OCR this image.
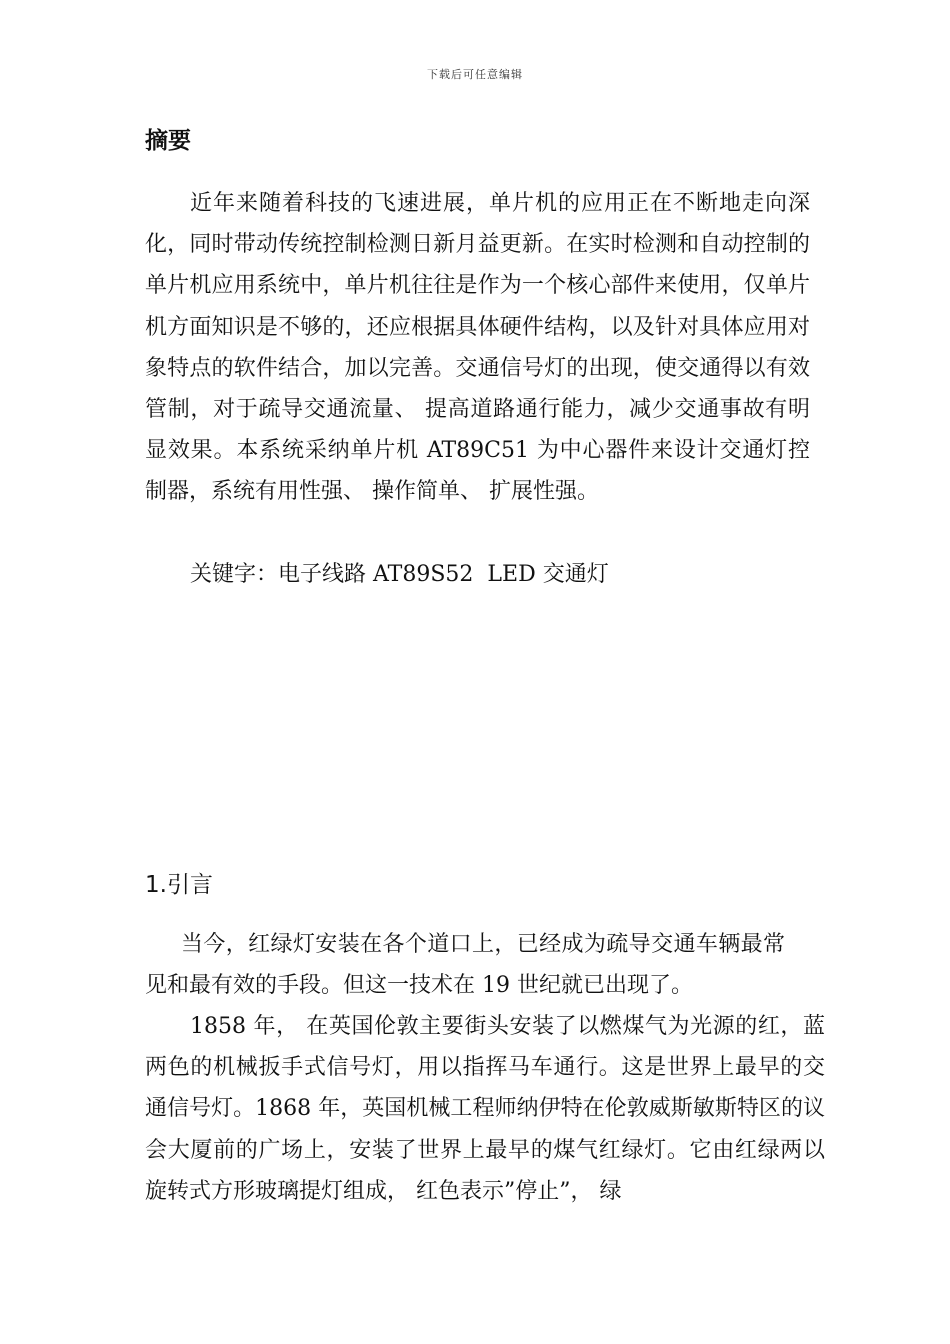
下载后可任意编辑
摘要

近年来随着科技的飞速进展，单片机的应用正在不断地走向深化，同时带动传统控制检测日新月益更新。在实时检测和自动控制的单片机应用系统中，单片机往往是作为一个核心部件来使用，仅单片机方面知识是不够的，还应根据具体硬件结构，以及针对具体应用对象特点的软件结合，加以完善。交通信号灯的出现，使交通得以有效管制，对于疏导交通流量、 提高道路通行能力，减少交通事故有明显效果。本系统采纳单片机 AT89C51 为中心器件来设计交通灯控制器，系统有用性强、 操作简单、 扩展性强。

关键字：电子线路 AT89S52  LED 交通灯
1.引言

当今，红绿灯安装在各个道口上，已经成为疏导交通车辆最常见和最有效的手段。但这一技术在 19 世纪就已出现了。

1858 年， 在英国伦敦主要街头安装了以燃煤气为光源的红，蓝两色的机械扳手式信号灯，用以指挥马车通行。这是世界上最早的交通信号灯。1868 年，英国机械工程师纳伊特在伦敦威斯敏斯特区的议会大厦前的广场上，安装了世界上最早的煤气红绿灯。它由红绿两以旋转式方形玻璃提灯组成， 红色表示”停止”， 绿
